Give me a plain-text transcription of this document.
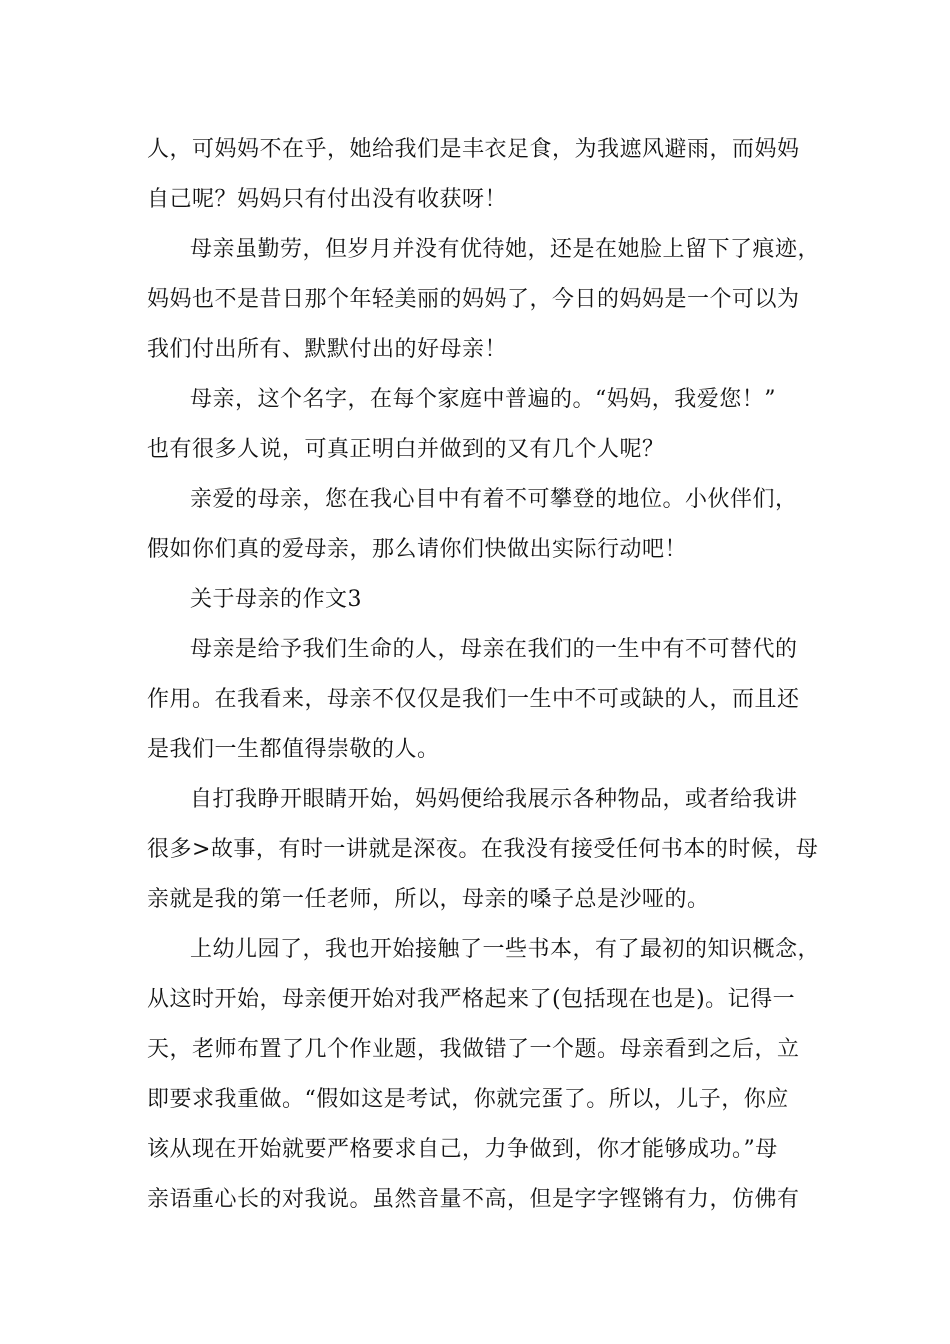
人，可妈妈不在乎，她给我们是丰衣足食，为我遮风避雨，而妈妈
自己呢？妈妈只有付出没有收获呀！
母亲虽勤劳，但岁月并没有优待她，还是在她脸上留下了痕迹，
妈妈也不是昔日那个年轻美丽的妈妈了，今日的妈妈是一个可以为
我们付出所有、默默付出的好母亲！
母亲，这个名字，在每个家庭中普遍的。“妈妈，我爱您！”
也有很多人说，可真正明白并做到的又有几个人呢？
亲爱的母亲，您在我心目中有着不可攀登的地位。小伙伴们，
假如你们真的爱母亲，那么请你们快做出实际行动吧！
关于母亲的作文3
母亲是给予我们生命的人，母亲在我们的一生中有不可替代的
作用。在我看来，母亲不仅仅是我们一生中不可或缺的人，而且还
是我们一生都值得崇敬的人。
自打我睁开眼睛开始，妈妈便给我展示各种物品，或者给我讲
很多>故事，有时一讲就是深夜。在我没有接受任何书本的时候，母
亲就是我的第一任老师，所以，母亲的嗓子总是沙哑的。
上幼儿园了，我也开始接触了一些书本，有了最初的知识概念，
从这时开始，母亲便开始对我严格起来了(包括现在也是)。记得一
天，老师布置了几个作业题，我做错了一个题。母亲看到之后，立
即要求我重做。“假如这是考试，你就完蛋了。所以，儿子，你应
该从现在开始就要严格要求自己，力争做到，你才能够成功。”母
亲语重心长的对我说。虽然音量不高，但是字字铿锵有力，仿佛有
